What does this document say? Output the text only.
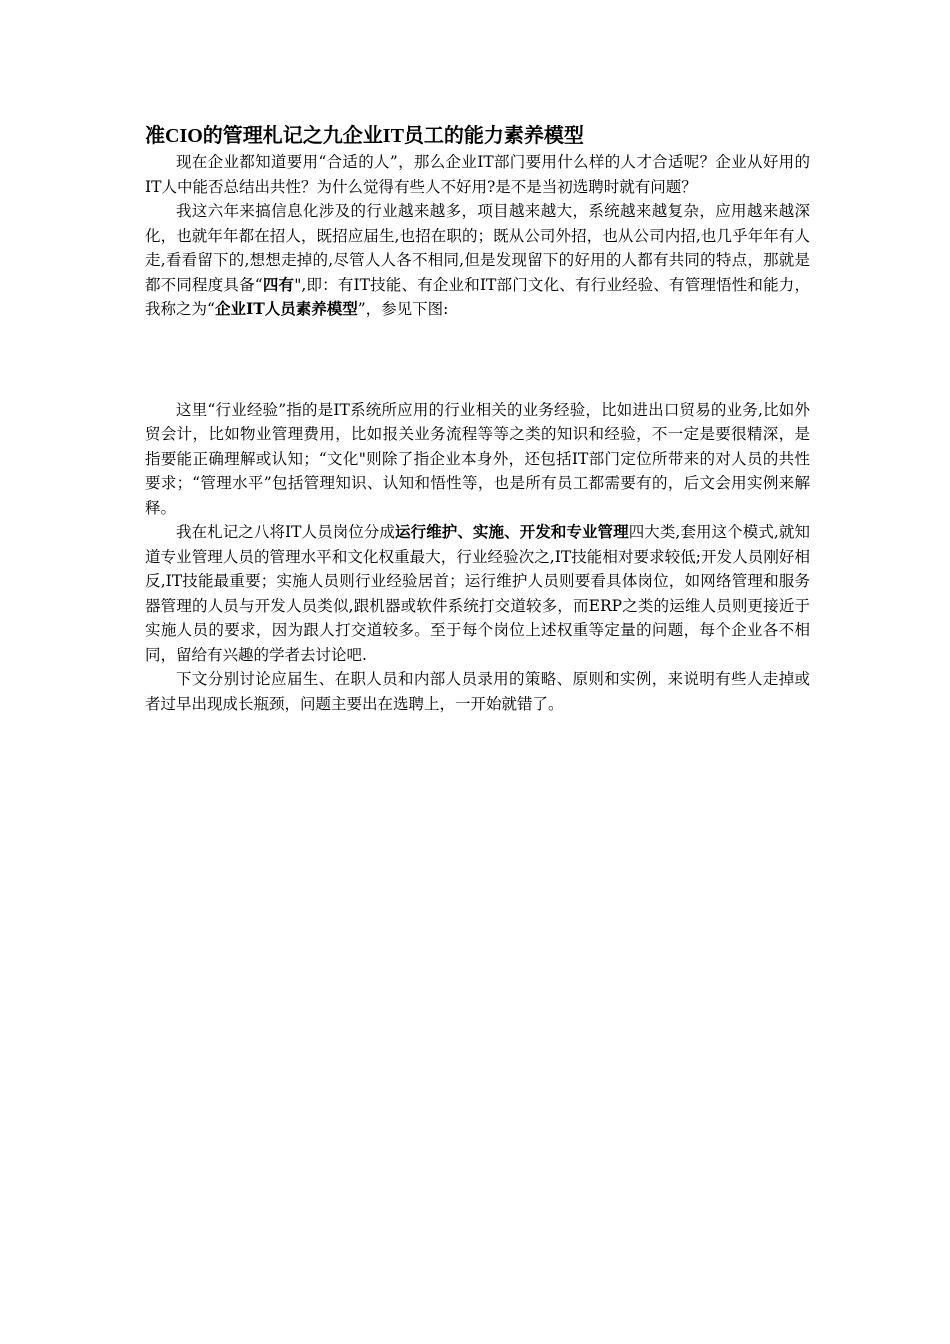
准CIO的管理札记之九企业IT员工的能力素养模型

现在企业都知道要用“合适的人”，那么企业IT部门要用什么样的人才合适呢？企业从好用的IT人中能否总结出共性？为什么觉得有些人不好用?是不是当初选聘时就有问题？

我这六年来搞信息化涉及的行业越来越多，项目越来越大，系统越来越复杂，应用越来越深化，也就年年都在招人，既招应届生,也招在职的；既从公司外招，也从公司内招,也几乎年年有人走,看看留下的,想想走掉的,尽管人人各不相同,但是发现留下的好用的人都有共同的特点，那就是都不同程度具备“四有",即：有IT技能、有企业和IT部门文化、有行业经验、有管理悟性和能力，我称之为“企业IT人员素养模型”，参见下图:

这里“行业经验”指的是IT系统所应用的行业相关的业务经验，比如进出口贸易的业务,比如外贸会计，比如物业管理费用，比如报关业务流程等等之类的知识和经验，不一定是要很精深，是指要能正确理解或认知；“文化"则除了指企业本身外，还包括IT部门定位所带来的对人员的共性要求；“管理水平”包括管理知识、认知和悟性等，也是所有员工都需要有的，后文会用实例来解释。

我在札记之八将IT人员岗位分成运行维护、实施、开发和专业管理四大类,套用这个模式,就知道专业管理人员的管理水平和文化权重最大，行业经验次之,IT技能相对要求较低;开发人员刚好相反,IT技能最重要；实施人员则行业经验居首；运行维护人员则要看具体岗位，如网络管理和服务器管理的人员与开发人员类似,跟机器或软件系统打交道较多，而ERP之类的运维人员则更接近于实施人员的要求，因为跟人打交道较多。至于每个岗位上述权重等定量的问题，每个企业各不相同，留给有兴趣的学者去讨论吧.

下文分别讨论应届生、在职人员和内部人员录用的策略、原则和实例，来说明有些人走掉或者过早出现成长瓶颈，问题主要出在选聘上，一开始就错了。
